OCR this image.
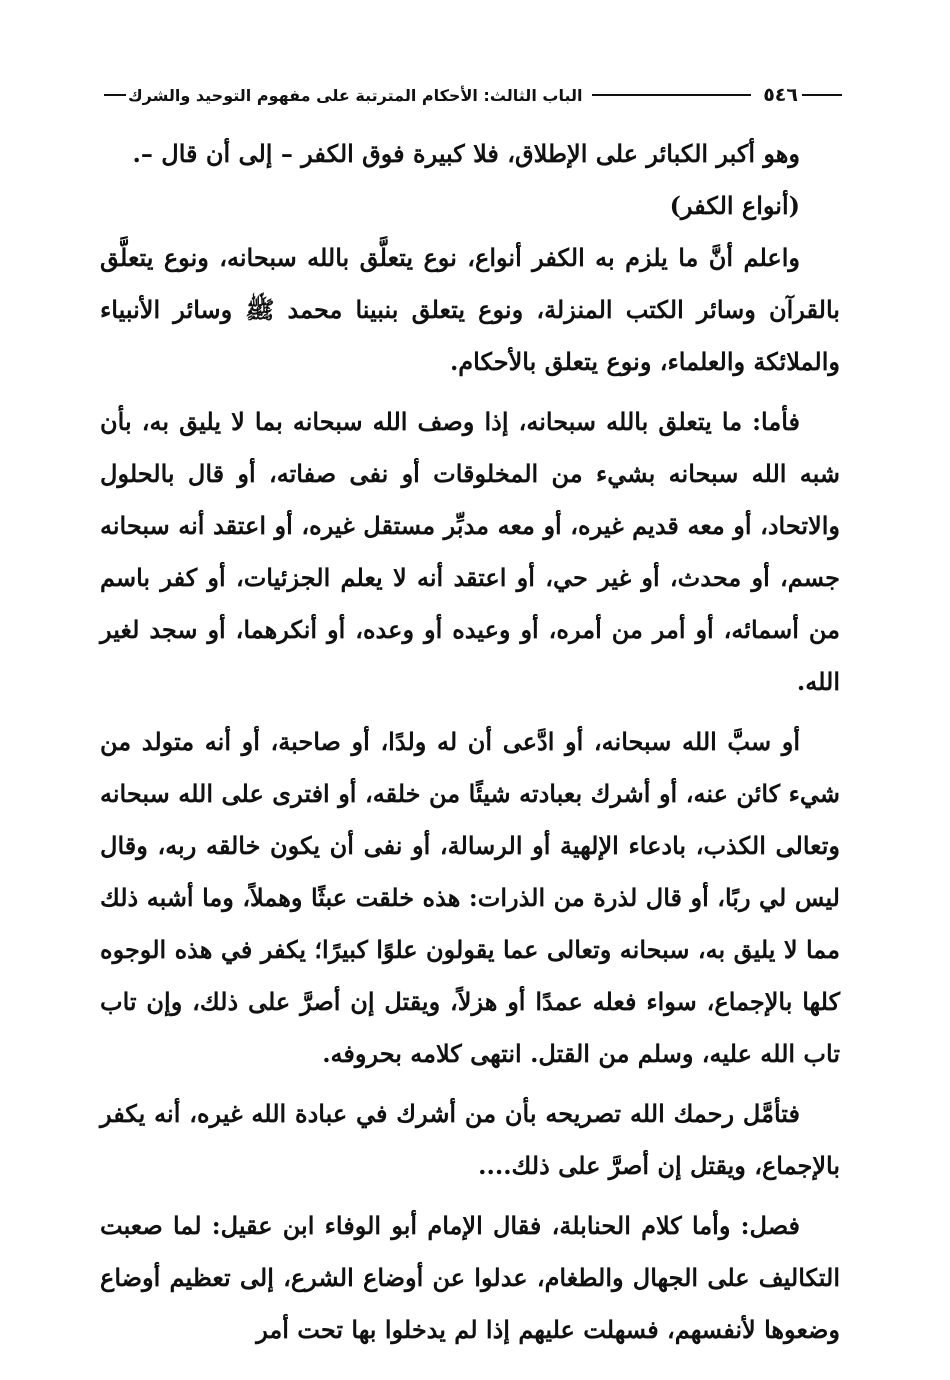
٥٤٦
الباب الثالث: الأحكام المترتبة على مفهوم التوحيد والشرك

وهو أكبر الكبائر على الإطلاق، فلا كبيرة فوق الكفر – إلى أن قال –.

(أنواع الكفر)

واعلم أنَّ ما يلزم به الكفر أنواع، نوع يتعلَّق بالله سبحانه، ونوع يتعلَّق بالقرآن وسائر الكتب المنزلة، ونوع يتعلق بنبينا محمد ﷺ وسائر الأنبياء والملائكة والعلماء، ونوع يتعلق بالأحكام.

فأما: ما يتعلق بالله سبحانه، إذا وصف الله سبحانه بما لا يليق به، بأن شبه الله سبحانه بشيء من المخلوقات أو نفى صفاته، أو قال بالحلول والاتحاد، أو معه قديم غيره، أو معه مدبِّر مستقل غيره، أو اعتقد أنه سبحانه جسم، أو محدث، أو غير حي، أو اعتقد أنه لا يعلم الجزئيات، أو كفر باسم من أسمائه، أو أمر من أمره، أو وعيده أو وعده، أو أنكرهما، أو سجد لغير الله.

أو سبَّ الله سبحانه، أو ادَّعى أن له ولدًا، أو صاحبة، أو أنه متولد من شيء كائن عنه، أو أشرك بعبادته شيئًا من خلقه، أو افترى على الله سبحانه وتعالى الكذب، بادعاء الإلهية أو الرسالة، أو نفى أن يكون خالقه ربه، وقال ليس لي ربًا، أو قال لذرة من الذرات: هذه خلقت عبثًا وهملاً، وما أشبه ذلك مما لا يليق به، سبحانه وتعالى عما يقولون علوًا كبيرًا؛ يكفر في هذه الوجوه كلها بالإجماع، سواء فعله عمدًا أو هزلاً، ويقتل إن أصرَّ على ذلك، وإن تاب تاب الله عليه، وسلم من القتل. انتهى كلامه بحروفه.

فتأمَّل رحمك الله تصريحه بأن من أشرك في عبادة الله غيره، أنه يكفر بالإجماع، ويقتل إن أصرَّ على ذلك....

فصل: وأما كلام الحنابلة، فقال الإمام أبو الوفاء ابن عقيل: لما صعبت التكاليف على الجهال والطغام، عدلوا عن أوضاع الشرع، إلى تعظيم أوضاع وضعوها لأنفسهم، فسهلت عليهم إذا لم يدخلوا بها تحت أمر
